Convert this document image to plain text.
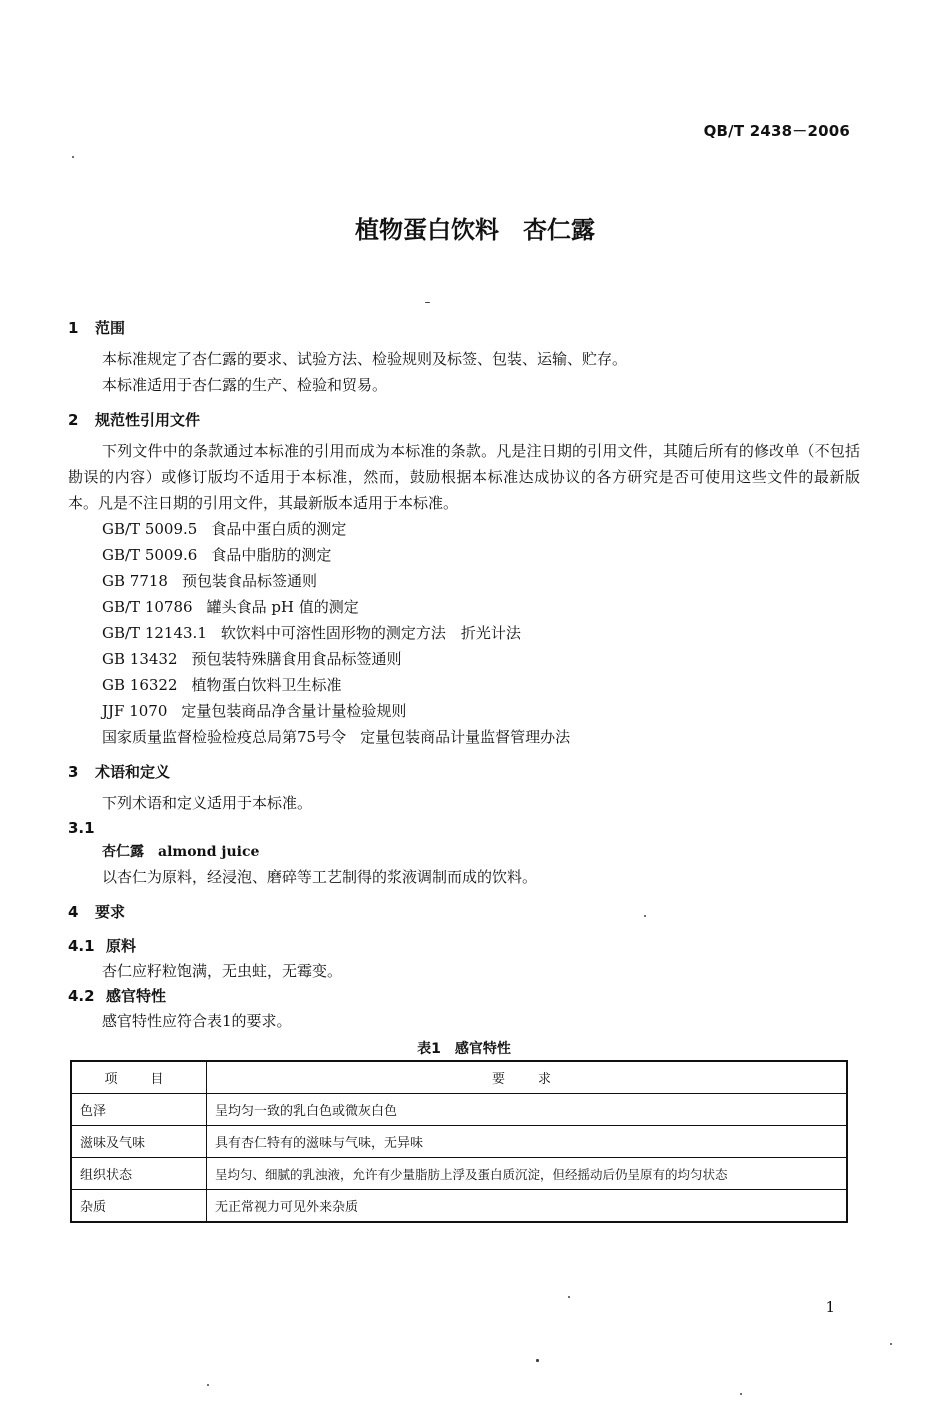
QB/T 2438－2006
植物蛋白饮料　杏仁露
1 范围

本标准规定了杏仁露的要求、试验方法、检验规则及标签、包装、运输、贮存。

本标准适用于杏仁露的生产、检验和贸易。

2 规范性引用文件

下列文件中的条款通过本标准的引用而成为本标准的条款。凡是注日期的引用文件，其随后所有的修改单（不包括勘误的内容）或修订版均不适用于本标准，然而，鼓励根据本标准达成协议的各方研究是否可使用这些文件的最新版本。凡是不注日期的引用文件，其最新版本适用于本标准。

GB/T 5009.5 食品中蛋白质的测定
GB/T 5009.6 食品中脂肪的测定
GB 7718 预包装食品标签通则
GB/T 10786 罐头食品 pH 值的测定
GB/T 12143.1 软饮料中可溶性固形物的测定方法　折光计法
GB 13432 预包装特殊膳食用食品标签通则
GB 16322 植物蛋白饮料卫生标准
JJF 1070 定量包装商品净含量计量检验规则
国家质量监督检验检疫总局第75号令 定量包装商品计量监督管理办法
3 术语和定义

下列术语和定义适用于本标准。

3.1

杏仁露 almond juice

以杏仁为原料，经浸泡、磨碎等工艺制得的浆液调制而成的饮料。

4 要求
4.1 原料

杏仁应籽粒饱满，无虫蛀，无霉变。

4.2 感官特性

感官特性应符合表1的要求。

表1　感官特性
项　目	要　求
色泽	呈均匀一致的乳白色或微灰白色
滋味及气味	具有杏仁特有的滋味与气味，无异味
组织状态	呈均匀、细腻的乳浊液，允许有少量脂肪上浮及蛋白质沉淀，但经摇动后仍呈原有的均匀状态
杂质	无正常视力可见外来杂质
1
